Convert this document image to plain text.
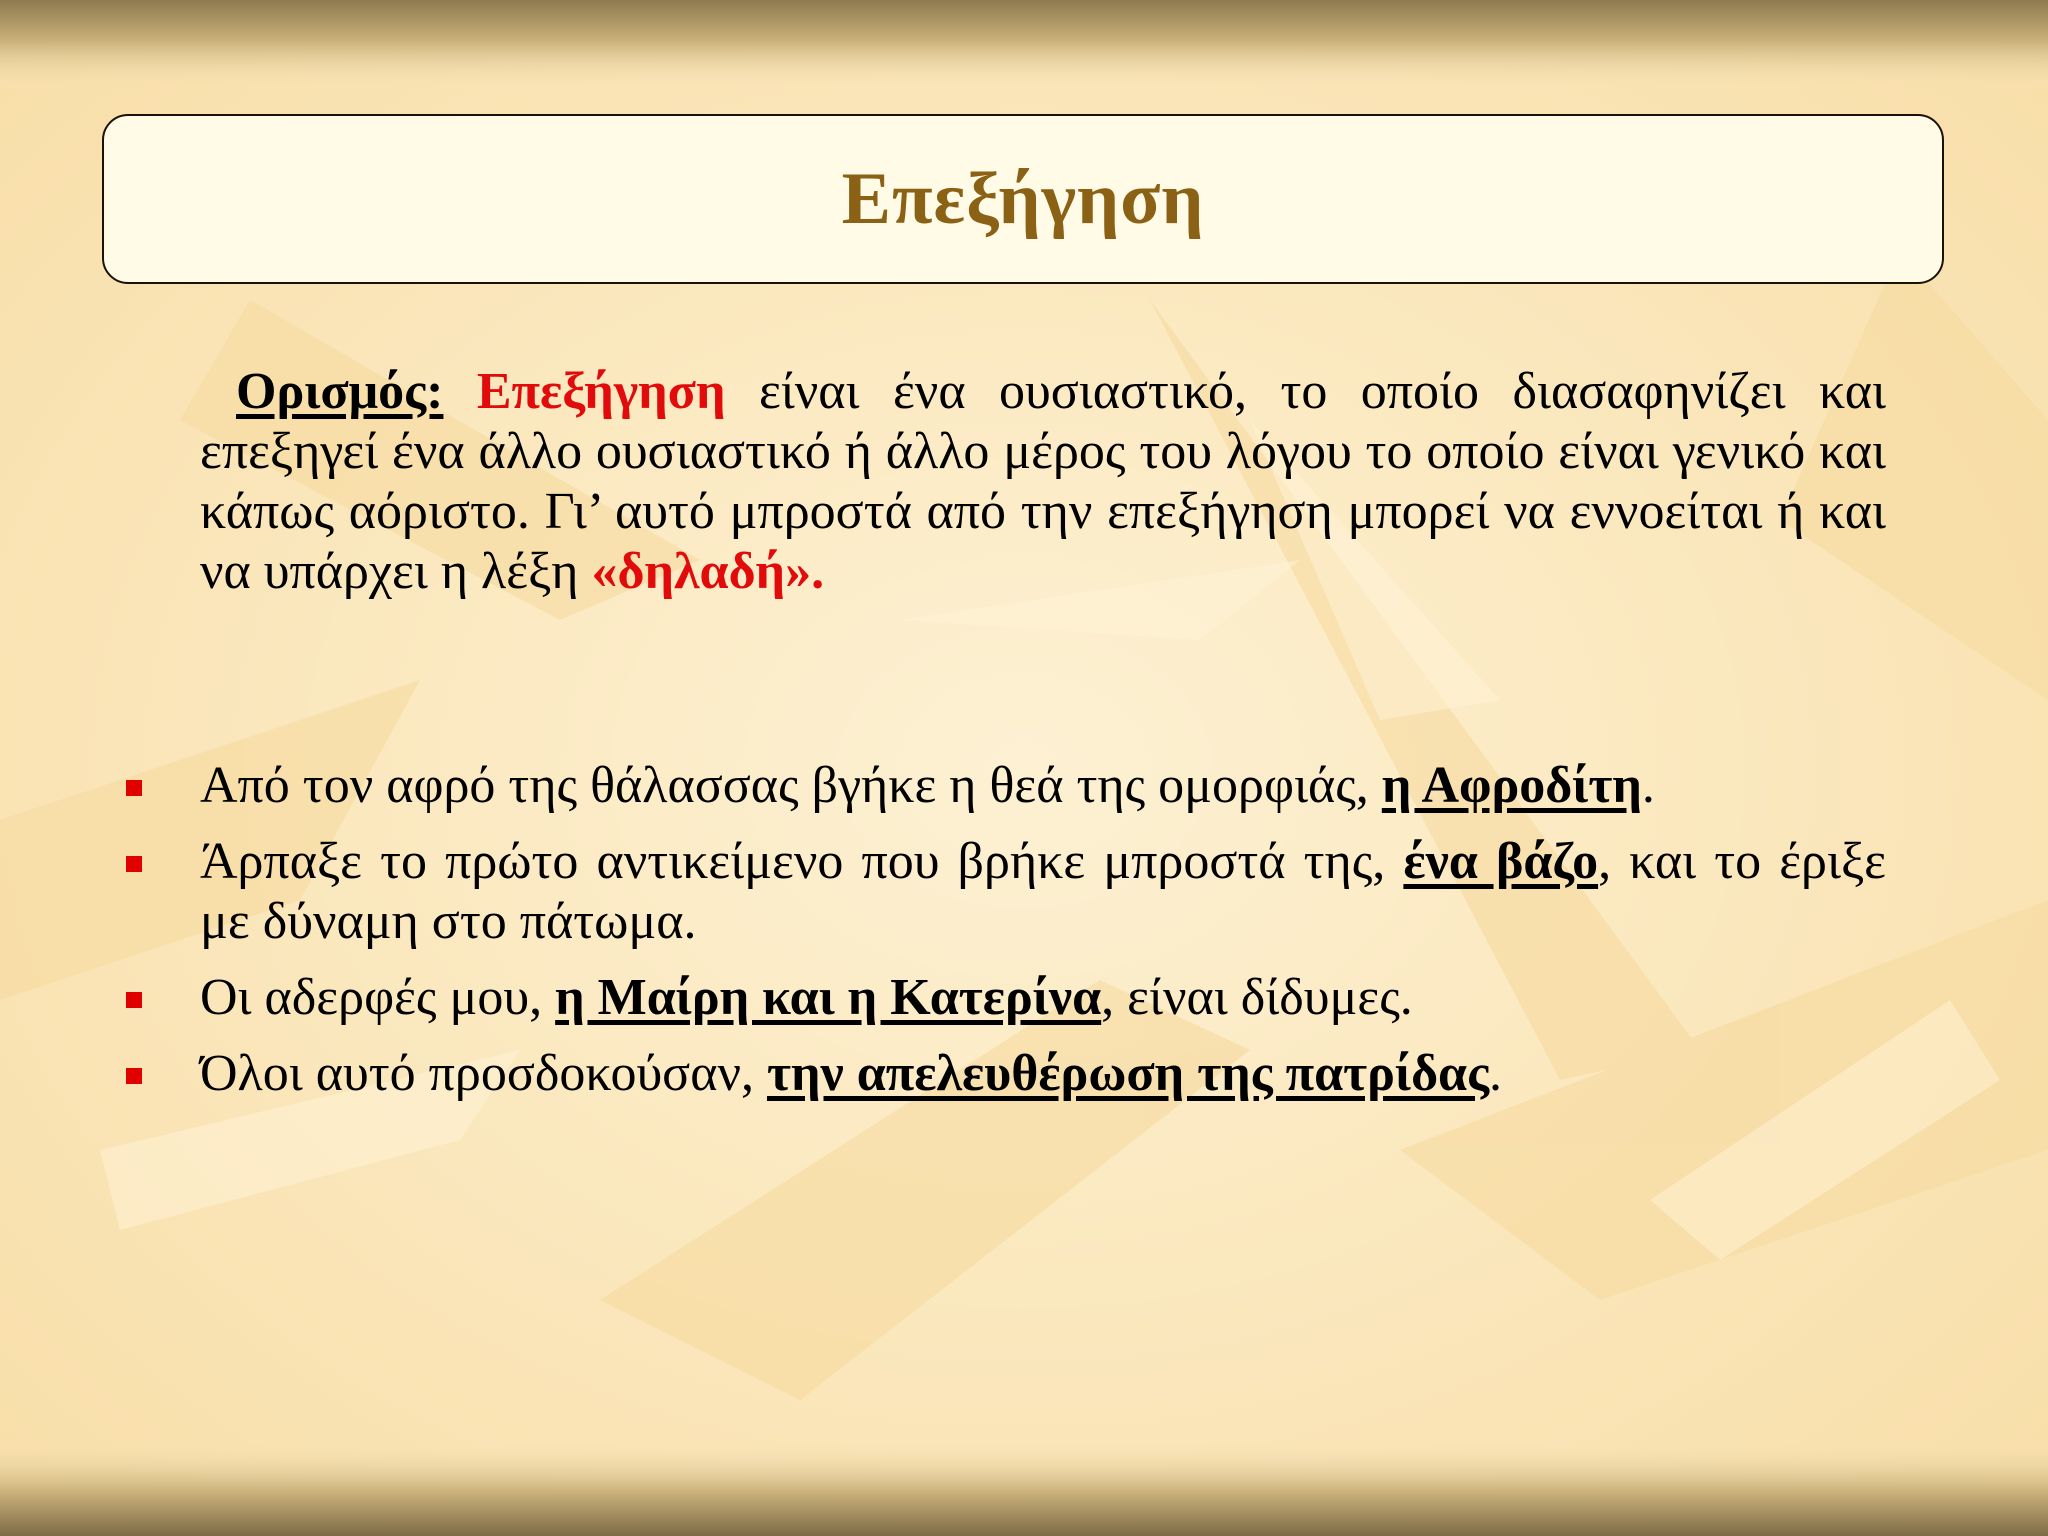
Επεξήγηση

Ορισμός: Επεξήγηση είναι ένα ουσιαστικό, το οποίο διασαφηνίζει και επεξηγεί ένα άλλο ουσιαστικό ή άλλο μέρος του λόγου το οποίο είναι γενικό και κάπως αόριστο. Γι’ αυτό μπροστά από την επεξήγηση μπορεί να εννοείται ή και να υπάρχει η λέξη «δηλαδή».

Από τον αφρό της θάλασσας βγήκε η θεά της ομορφιάς, η Αφροδίτη.
Άρπαξε το πρώτο αντικείμενο που βρήκε μπροστά της, ένα βάζο, και το έριξε με δύναμη στο πάτωμα.
Οι αδερφές μου, η Μαίρη και η Κατερίνα, είναι δίδυμες.
Όλοι αυτό προσδοκούσαν, την απελευθέρωση της πατρίδας.
